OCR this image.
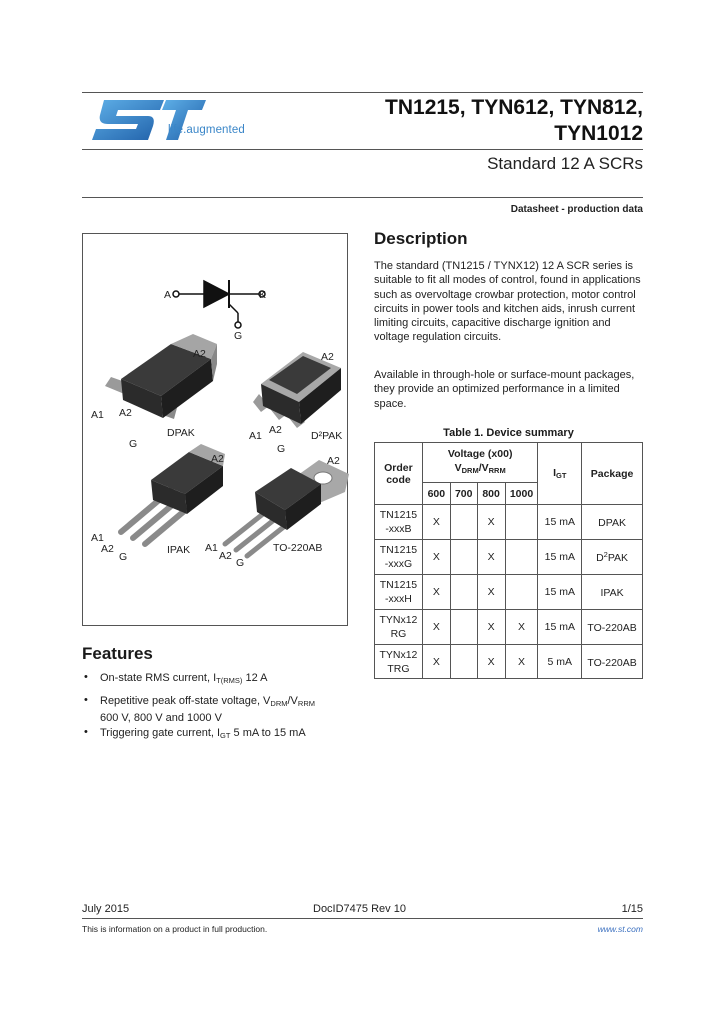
life.augmented
TN1215, TYN612, TYN812,
TYN1012
Standard 12 A SCRs
Datasheet - production data
A	K
G
A2
A1 A2
DPAK
G
A2
A1 A2	D²PAK
G
A2
A1
A2
G
IPAK
A2
A1
A2
G
TO-220AB
Description
The standard (TN1215 / TYNX12) 12 A SCR series is suitable to fit all modes of control, found in applications such as overvoltage crowbar protection, motor control circuits in power tools and kitchen aids, inrush current limiting circuits, capacitive discharge ignition and voltage regulation circuits.
Available in through-hole or surface-mount packages, they provide an optimized performance in a limited space.
Table 1. Device summary
Order code	Voltage (x00)
$V_{DRM}/V_{RRM}$				$I_{GT}$	Package
	600	700	800	1000		

TN1215
-xxxB	X		X		15 mA	DPAK

TN1215
-xxxG	X		X		15 mA	$D^2PAK$

TN1215
-xxxH	X		X		15 mA	IPAK

TYNx12
RG	X		X	X	15 mA	TO-220AB

TYNx12
TRG	X		X	X	5 mA	TO-220AB
Features
• On-state RMS current, $I_{T(RMS)}$ 12 A
• Repetitive peak off-state voltage, $V_{DRM}/V_{RRM}$
600 V, 800 V and 1000 V
• Triggering gate current, $I_{GT}$ 5 mA to 15 mA
July 2015	DocID7475 Rev 10	1/15
This is information on a product in full production.	www.st.com
